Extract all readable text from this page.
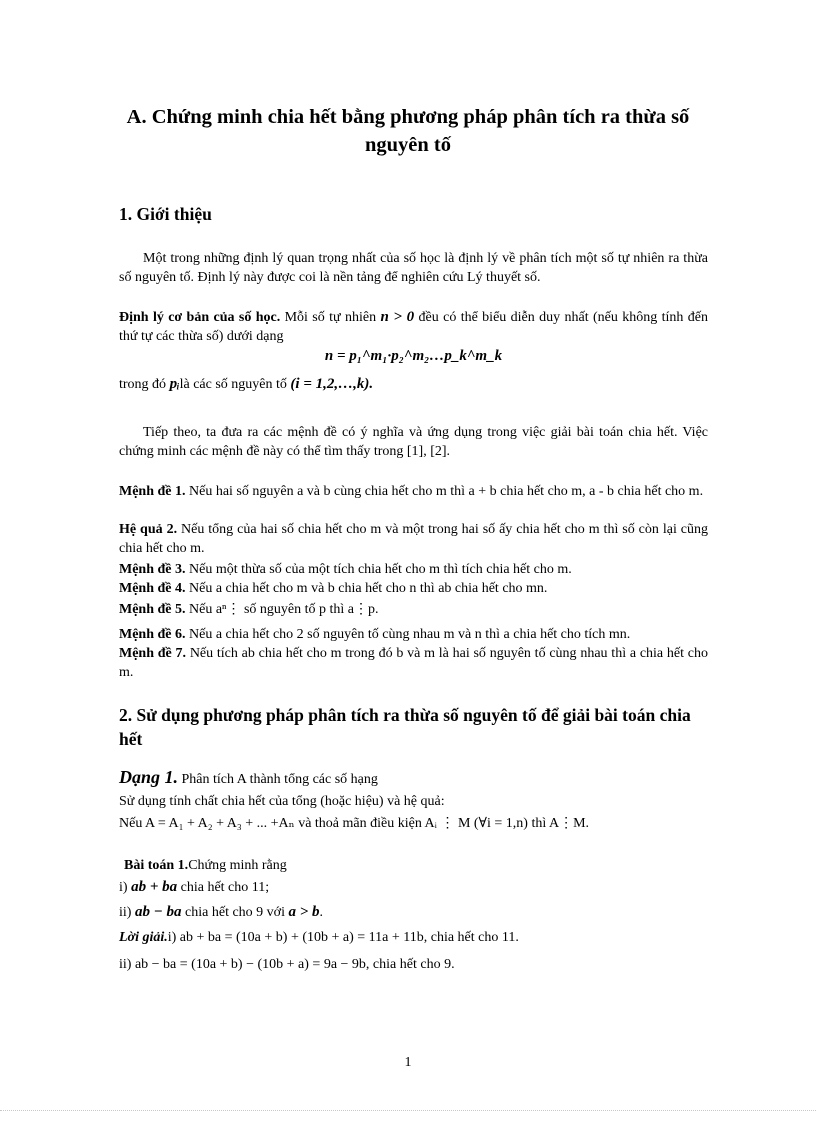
A. Chứng minh chia hết bằng phương pháp phân tích ra thừa số nguyên tố
1. Giới thiệu
Một trong những định lý quan trọng nhất của số học là định lý về phân tích một số tự nhiên ra thừa số nguyên tố. Định lý này được coi là nền tảng để nghiên cứu Lý thuyết số.
Định lý cơ bản của số học. Mỗi số tự nhiên n > 0 đều có thể biểu diễn duy nhất (nếu không tính đến thứ tự các thừa số) dưới dạng
n = p₁^m₁·p₂^m₂…p_k^m_k
trong đó pᵢlà các số nguyên tố (i = 1,2,…,k).
Tiếp theo, ta đưa ra các mệnh đề có ý nghĩa và ứng dụng trong việc giải bài toán chia hết. Việc chứng minh các mệnh đề này có thể tìm thấy trong [1], [2].
Mệnh đề 1. Nếu hai số nguyên a và b cùng chia hết cho m thì a + b chia hết cho m, a - b chia hết cho m.
Hệ quả 2. Nếu tổng của hai số chia hết cho m và một trong hai số ấy chia hết cho m thì số còn lại cũng chia hết cho m.
Mệnh đề 3. Nếu một thừa số của một tích chia hết cho m thì tích chia hết cho m.
Mệnh đề 4. Nếu a chia hết cho m và b chia hết cho n thì ab chia hết cho mn.
Mệnh đề 5. Nếu aⁿ⋮ số nguyên tố p thì a⋮p.
Mệnh đề 6. Nếu a chia hết cho 2 số nguyên tố cùng nhau m và n thì a chia hết cho tích mn.
Mệnh đề 7. Nếu tích ab chia hết cho m trong đó b và m là hai số nguyên tố cùng nhau thì a chia hết cho m.
2. Sử dụng phương pháp phân tích ra thừa số nguyên tố để giải bài toán chia hết
Dạng 1. Phân tích A thành tổng các số hạng
Sử dụng tính chất chia hết của tổng (hoặc hiệu) và hệ quả:
Nếu A = A₁ + A₂ + A₃ + ... +Aₙ và thoả mãn điều kiện Aᵢ ⋮ M (∀i = 1,n) thì A⋮M.
Bài toán 1.Chứng minh rằng
i) ab + ba chia hết cho 11;
ii) ab − ba chia hết cho 9 với a > b.
Lời giải.i) ab + ba = (10a + b) + (10b + a) = 11a + 11b, chia hết cho 11.
ii) ab − ba = (10a + b) − (10b + a) = 9a − 9b, chia hết cho 9.
1
